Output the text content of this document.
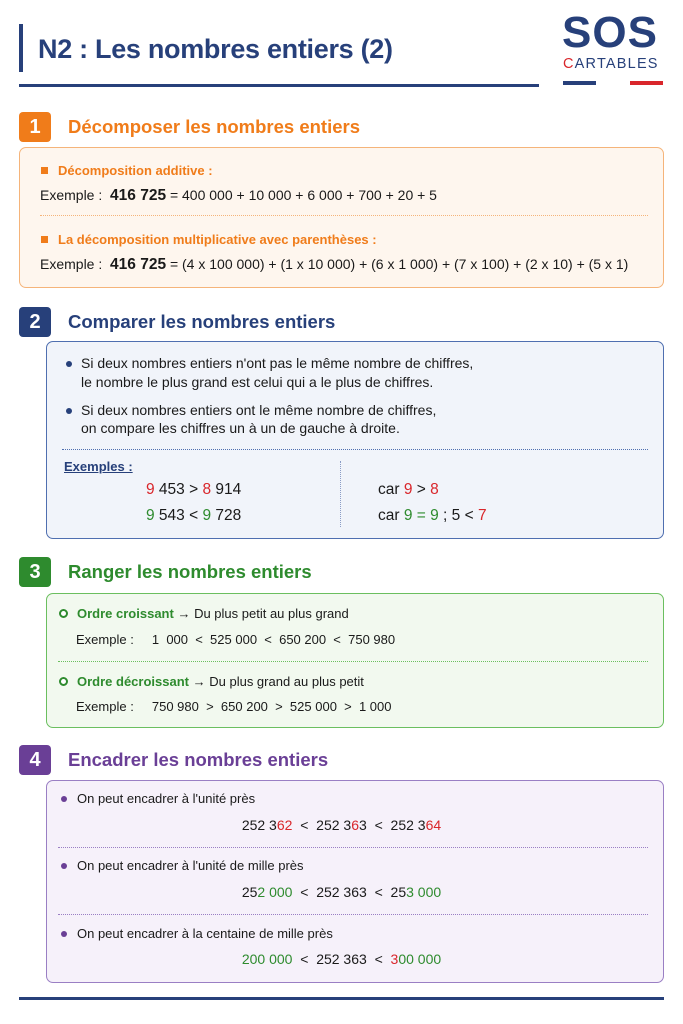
N2 : Les nombres entiers (2)	SOS
CARTABLES
1	Décomposer les nombres entiers
Décomposition additive :
Exemple : 416 725 = 400 000 + 10 000 + 6 000 + 700 + 20 + 5
La décomposition multiplicative avec parenthèses :
Exemple : 416 725 = (4 x 100 000) + (1 x 10 000) + (6 x 1 000) + (7 x 100) + (2 x 10) + (5 x 1)
2	Comparer les nombres entiers
Si deux nombres entiers n'ont pas le même nombre de chiffres,
le nombre le plus grand est celui qui a le plus de chiffres.
Si deux nombres entiers ont le même nombre de chiffres,
on compare les chiffres un à un de gauche à droite.
Exemples :
9 453 > 8 914	car 9 > 8
9 543 < 9 728	car 9 = 9 ; 5 < 7
3	Ranger les nombres entiers
Ordre croissant → Du plus petit au plus grand
Exemple : 1  000  <  525 000  <  650 200  <  750 980
Ordre décroissant → Du plus grand au plus petit
Exemple : 750 980  >  650 200  >  525 000  >  1 000
4	Encadrer les nombres entiers
On peut encadrer à l'unité près
252 362  <  252 363  <  252 364
On peut encadrer à l'unité de mille près
252 000  <  252 363  <  253 000
On peut encadrer à la centaine de mille près
200 000  <  252 363  <  300 000
